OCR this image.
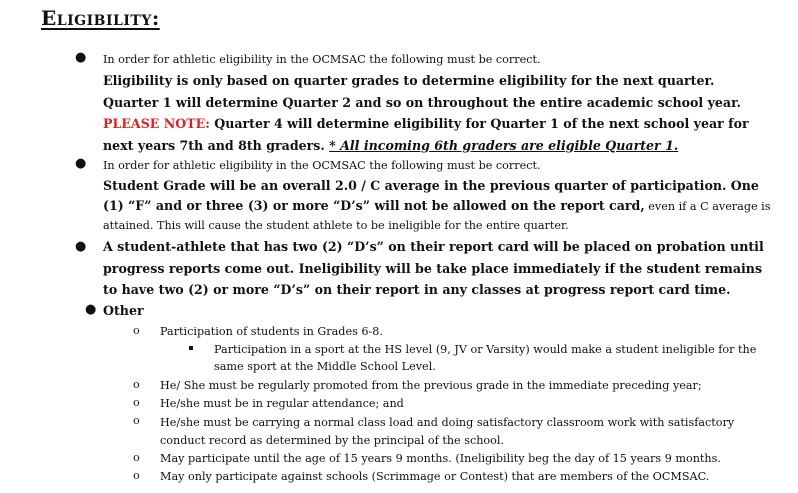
Eligibility:
● In order for athletic eligibility in the OCMSAC the following must be correct.

Eligibility is only based on quarter grades to determine eligibility for the next quarter. Quarter 1 will determine Quarter 2 and so on throughout the entire academic school year.
PLEASE NOTE: Quarter 4 will determine eligibility for Quarter 1 of the next school year for next years 7th and 8th graders. * All incoming 6th graders are eligible Quarter 1.

● In order for athletic eligibility in the OCMSAC the following must be correct.

Student Grade will be an overall 2.0 / C average in the previous quarter of participation. One (1) “F” and or three (3) or more “D’s” will not be allowed on the report card, even if a C average is attained. This will cause the student athlete to be ineligible for the entire quarter.

● A student-athlete that has two (2) “D’s” on their report card will be placed on probation until progress reports come out. Ineligibility will be take place immediately if the student remains to have two (2) or more “D’s” on their report in any classes at progress report card time.

● Other

o Participation of students in Grades 6-8.

Participation in a sport at the HS level (9, JV or Varsity) would make a student ineligible for the same sport at the Middle School Level.

o He/ She must be regularly promoted from the previous grade in the immediate preceding year;

o He/she must be in regular attendance; and

o He/she must be carrying a normal class load and doing satisfactory classroom work with satisfactory conduct record as determined by the principal of the school.

o May participate until the age of 15 years 9 months. (Ineligibility beg the day of 15 years 9 months.

o May only participate against schools (Scrimmage or Contest) that are members of the OCMSAC.
